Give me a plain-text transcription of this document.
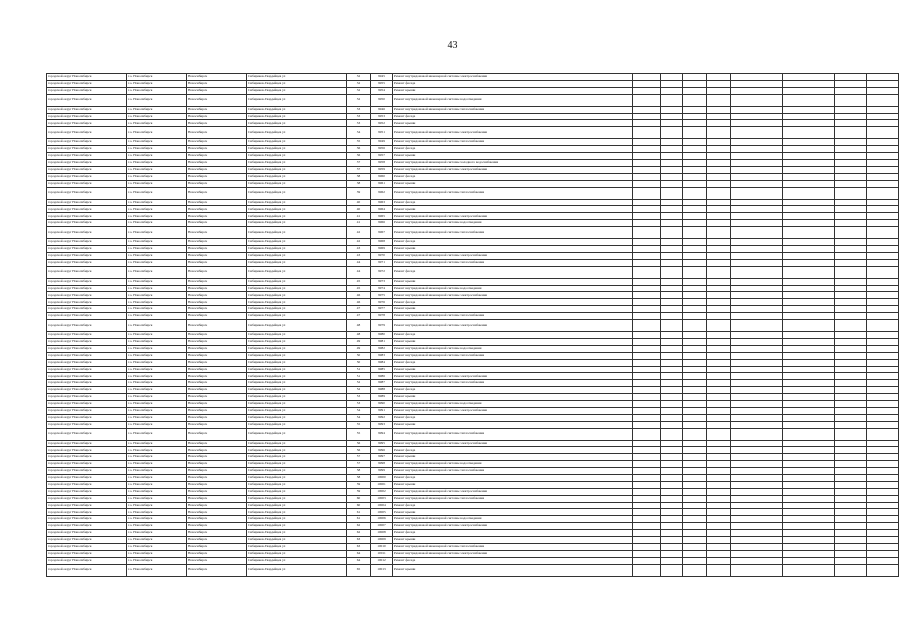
43
городской округ Новосибирск	г.о. Новосибирск	Новосибирск	Сибиряков-Гвардейцев ул	32	9945	Ремонт внутридомовой инженерной системы электроснабжения								
городской округ Новосибирск	г.о. Новосибирск	Новосибирск	Сибиряков-Гвардейцев ул	32	9955	Ремонт фасада								
городской округ Новосибирск	г.о. Новосибирск	Новосибирск	Сибиряков-Гвардейцев ул	32	9954	Ремонт крыши								
городской округ Новосибирск	г.о. Новосибирск	Новосибирск	Сибиряков-Гвардейцев ул	32	9950	Ремонт внутридомовой инженерной системы водоотведения								
городской округ Новосибирск	г.о. Новосибирск	Новосибирск	Сибиряков-Гвардейцев ул	33	9946	Ремонт внутридомовой инженерной системы теплоснабжения								
городской округ Новосибирск	г.о. Новосибирск	Новосибирск	Сибиряков-Гвардейцев ул	33	9953	Ремонт фасада								
городской округ Новосибирск	г.о. Новосибирск	Новосибирск	Сибиряков-Гвардейцев ул	33	9952	Ремонт крыши								
городской округ Новосибирск	г.о. Новосибирск	Новосибирск	Сибиряков-Гвардейцев ул	34	9951	Ремонт внутридомовой инженерной системы электроснабжения								
городской округ Новосибирск	г.о. Новосибирск	Новосибирск	Сибиряков-Гвардейцев ул	35	9949	Ремонт внутридомовой инженерной системы теплоснабжения								
городской округ Новосибирск	г.о. Новосибирск	Новосибирск	Сибиряков-Гвардейцев ул	36	9956	Ремонт фасада								
городской округ Новосибирск	г.о. Новосибирск	Новосибирск	Сибиряков-Гвардейцев ул	36	9957	Ремонт крыши								
городской округ Новосибирск	г.о. Новосибирск	Новосибирск	Сибиряков-Гвардейцев ул	37	9958	Ремонт внутридомовой инженерной системы холодного водоснабжения								
городской округ Новосибирск	г.о. Новосибирск	Новосибирск	Сибиряков-Гвардейцев ул	37	9959	Ремонт внутридомовой инженерной системы электроснабжения								
городской округ Новосибирск	г.о. Новосибирск	Новосибирск	Сибиряков-Гвардейцев ул	38	9960	Ремонт фасада								
городской округ Новосибирск	г.о. Новосибирск	Новосибирск	Сибиряков-Гвардейцев ул	38	9961	Ремонт крыши								
городской округ Новосибирск	г.о. Новосибирск	Новосибирск	Сибиряков-Гвардейцев ул	39	9962	Ремонт внутридомовой инженерной системы теплоснабжения								
городской округ Новосибирск	г.о. Новосибирск	Новосибирск	Сибиряков-Гвардейцев ул	40	9963	Ремонт фасада								
городской округ Новосибирск	г.о. Новосибирск	Новосибирск	Сибиряков-Гвардейцев ул	40	9964	Ремонт крыши								
городской округ Новосибирск	г.о. Новосибирск	Новосибирск	Сибиряков-Гвардейцев ул	41	9965	Ремонт внутридомовой инженерной системы электроснабжения								
городской округ Новосибирск	г.о. Новосибирск	Новосибирск	Сибиряков-Гвардейцев ул	41	9966	Ремонт внутридомовой инженерной системы водоотведения								
городской округ Новосибирск	г.о. Новосибирск	Новосибирск	Сибиряков-Гвардейцев ул	42	9967	Ремонт внутридомовой инженерной системы теплоснабжения								
городской округ Новосибирск	г.о. Новосибирск	Новосибирск	Сибиряков-Гвардейцев ул	42	9968	Ремонт фасада								
городской округ Новосибирск	г.о. Новосибирск	Новосибирск	Сибиряков-Гвардейцев ул	43	9969	Ремонт крыши								
городской округ Новосибирск	г.о. Новосибирск	Новосибирск	Сибиряков-Гвардейцев ул	43	9970	Ремонт внутридомовой инженерной системы электроснабжения								
городской округ Новосибирск	г.о. Новосибирск	Новосибирск	Сибиряков-Гвардейцев ул	44	9971	Ремонт внутридомовой инженерной системы теплоснабжения								
городской округ Новосибирск	г.о. Новосибирск	Новосибирск	Сибиряков-Гвардейцев ул	44	9972	Ремонт фасада								
городской округ Новосибирск	г.о. Новосибирск	Новосибирск	Сибиряков-Гвардейцев ул	45	9973	Ремонт крыши								
городской округ Новосибирск	г.о. Новосибирск	Новосибирск	Сибиряков-Гвардейцев ул	45	9974	Ремонт внутридомовой инженерной системы водоотведения								
городской округ Новосибирск	г.о. Новосибирск	Новосибирск	Сибиряков-Гвардейцев ул	46	9975	Ремонт внутридомовой инженерной системы электроснабжения								
городской округ Новосибирск	г.о. Новосибирск	Новосибирск	Сибиряков-Гвардейцев ул	46	9976	Ремонт фасада								
городской округ Новосибирск	г.о. Новосибирск	Новосибирск	Сибиряков-Гвардейцев ул	47	9977	Ремонт крыши								
городской округ Новосибирск	г.о. Новосибирск	Новосибирск	Сибиряков-Гвардейцев ул	47	9978	Ремонт внутридомовой инженерной системы теплоснабжения								
городской округ Новосибирск	г.о. Новосибирск	Новосибирск	Сибиряков-Гвардейцев ул	48	9979	Ремонт внутридомовой инженерной системы электроснабжения								
городской округ Новосибирск	г.о. Новосибирск	Новосибирск	Сибиряков-Гвардейцев ул	48	9980	Ремонт фасада								
городской округ Новосибирск	г.о. Новосибирск	Новосибирск	Сибиряков-Гвардейцев ул	49	9981	Ремонт крыши								
городской округ Новосибирск	г.о. Новосибирск	Новосибирск	Сибиряков-Гвардейцев ул	49	9982	Ремонт внутридомовой инженерной системы водоотведения								
городской округ Новосибирск	г.о. Новосибирск	Новосибирск	Сибиряков-Гвардейцев ул	50	9983	Ремонт внутридомовой инженерной системы теплоснабжения								
городской округ Новосибирск	г.о. Новосибирск	Новосибирск	Сибиряков-Гвардейцев ул	50	9984	Ремонт фасада								
городской округ Новосибирск	г.о. Новосибирск	Новосибирск	Сибиряков-Гвардейцев ул	51	9985	Ремонт крыши								
городской округ Новосибирск	г.о. Новосибирск	Новосибирск	Сибиряков-Гвардейцев ул	51	9986	Ремонт внутридомовой инженерной системы электроснабжения								
городской округ Новосибирск	г.о. Новосибирск	Новосибирск	Сибиряков-Гвардейцев ул	52	9987	Ремонт внутридомовой инженерной системы теплоснабжения								
городской округ Новосибирск	г.о. Новосибирск	Новосибирск	Сибиряков-Гвардейцев ул	52	9988	Ремонт фасада								
городской округ Новосибирск	г.о. Новосибирск	Новосибирск	Сибиряков-Гвардейцев ул	53	9989	Ремонт крыши								
городской округ Новосибирск	г.о. Новосибирск	Новосибирск	Сибиряков-Гвардейцев ул	53	9990	Ремонт внутридомовой инженерной системы водоотведения								
городской округ Новосибирск	г.о. Новосибирск	Новосибирск	Сибиряков-Гвардейцев ул	54	9991	Ремонт внутридомовой инженерной системы электроснабжения								
городской округ Новосибирск	г.о. Новосибирск	Новосибирск	Сибиряков-Гвардейцев ул	54	9992	Ремонт фасада								
городской округ Новосибирск	г.о. Новосибирск	Новосибирск	Сибиряков-Гвардейцев ул	55	9993	Ремонт крыши								
городской округ Новосибирск	г.о. Новосибирск	Новосибирск	Сибиряков-Гвардейцев ул	55	9994	Ремонт внутридомовой инженерной системы теплоснабжения								
городской округ Новосибирск	г.о. Новосибирск	Новосибирск	Сибиряков-Гвардейцев ул	56	9995	Ремонт внутридомовой инженерной системы электроснабжения								
городской округ Новосибирск	г.о. Новосибирск	Новосибирск	Сибиряков-Гвардейцев ул	56	9996	Ремонт фасада								
городской округ Новосибирск	г.о. Новосибирск	Новосибирск	Сибиряков-Гвардейцев ул	57	9997	Ремонт крыши								
городской округ Новосибирск	г.о. Новосибирск	Новосибирск	Сибиряков-Гвардейцев ул	57	9998	Ремонт внутридомовой инженерной системы водоотведения								
городской округ Новосибирск	г.о. Новосибирск	Новосибирск	Сибиряков-Гвардейцев ул	58	9999	Ремонт внутридомовой инженерной системы теплоснабжения								
городской округ Новосибирск	г.о. Новосибирск	Новосибирск	Сибиряков-Гвардейцев ул	58	10000	Ремонт фасада								
городской округ Новосибирск	г.о. Новосибирск	Новосибирск	Сибиряков-Гвардейцев ул	59	10001	Ремонт крыши								
городской округ Новосибирск	г.о. Новосибирск	Новосибирск	Сибиряков-Гвардейцев ул	59	10002	Ремонт внутридомовой инженерной системы электроснабжения								
городской округ Новосибирск	г.о. Новосибирск	Новосибирск	Сибиряков-Гвардейцев ул	60	10003	Ремонт внутридомовой инженерной системы теплоснабжения								
городской округ Новосибирск	г.о. Новосибирск	Новосибирск	Сибиряков-Гвардейцев ул	60	10004	Ремонт фасада								
городской округ Новосибирск	г.о. Новосибирск	Новосибирск	Сибиряков-Гвардейцев ул	61	10005	Ремонт крыши								
городской округ Новосибирск	г.о. Новосибирск	Новосибирск	Сибиряков-Гвардейцев ул	61	10006	Ремонт внутридомовой инженерной системы водоотведения								
городской округ Новосибирск	г.о. Новосибирск	Новосибирск	Сибиряков-Гвардейцев ул	62	10007	Ремонт внутридомовой инженерной системы электроснабжения								
городской округ Новосибирск	г.о. Новосибирск	Новосибирск	Сибиряков-Гвардейцев ул	62	10008	Ремонт фасада								
городской округ Новосибирск	г.о. Новосибирск	Новосибирск	Сибиряков-Гвардейцев ул	63	10009	Ремонт крыши								
городской округ Новосибирск	г.о. Новосибирск	Новосибирск	Сибиряков-Гвардейцев ул	63	10010	Ремонт внутридомовой инженерной системы теплоснабжения								
городской округ Новосибирск	г.о. Новосибирск	Новосибирск	Сибиряков-Гвардейцев ул	64	10011	Ремонт внутридомовой инженерной системы электроснабжения								
городской округ Новосибирск	г.о. Новосибирск	Новосибирск	Сибиряков-Гвардейцев ул	64	10012	Ремонт фасада								
городской округ Новосибирск	г.о. Новосибирск	Новосибирск	Сибиряков-Гвардейцев ул	65	10013	Ремонт крыши								
